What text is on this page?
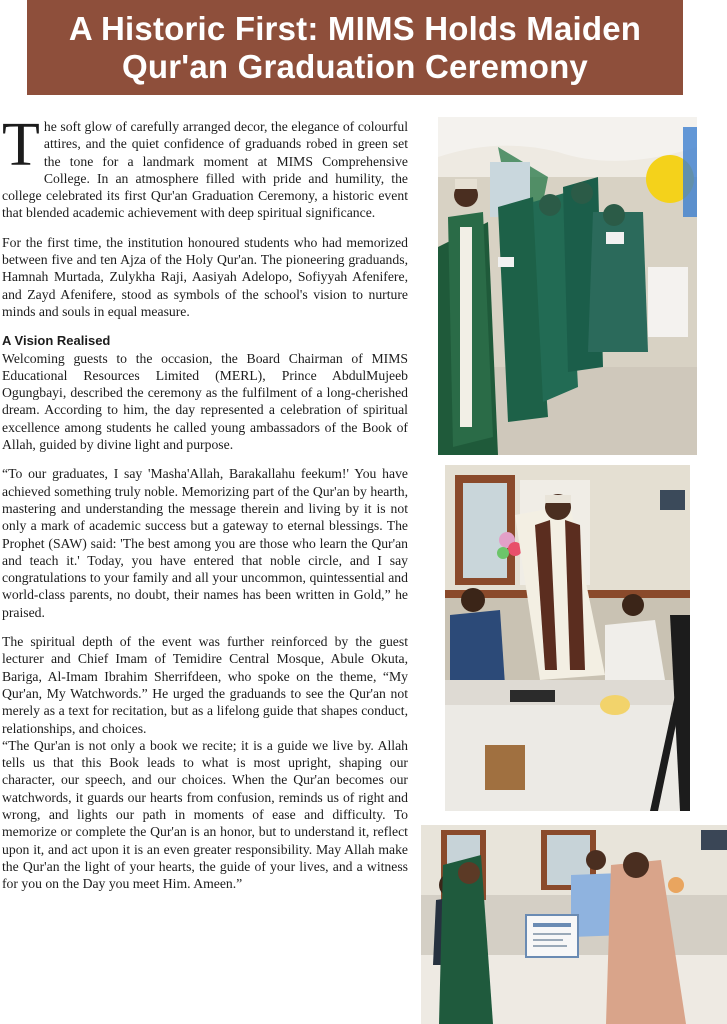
A Historic First: MIMS Holds Maiden
Qur'an Graduation Ceremony

The soft glow of carefully arranged decor, the elegance of colourful attires, and the quiet confidence of graduands robed in green set the tone for a landmark moment at MIMS Comprehensive College. In an atmosphere filled with pride and humility, the college celebrated its first Qur'an Graduation Ceremony, a historic event that blended academic achievement with deep spiritual significance.

For the first time, the institution honoured students who had memorized between five and ten Ajza of the Holy Qur'an. The pioneering graduands, Hamnah Murtada, Zulykha Raji, Aasiyah Adelopo, Sofiyyah Afenifere, and Zayd Afenifere, stood as symbols of the school's vision to nurture minds and souls in equal measure.

A Vision Realised

Welcoming guests to the occasion, the Board Chairman of MIMS Educational Resources Limited (MERL), Prince AbdulMujeeb Ogungbayi, described the ceremony as the fulfilment of a long-cherished dream. According to him, the day represented a celebration of spiritual excellence among students he called young ambassadors of the Book of Allah, guided by divine light and purpose.

“To our graduates, I say 'Masha'Allah, Barakallahu feekum!' You have achieved something truly noble. Memorizing part of the Qur'an by hearth, mastering and understanding the message therein and living by it is not only a mark of academic success but a gateway to eternal blessings. The Prophet (SAW) said: 'The best among you are those who learn the Qur'an and teach it.' Today, you have entered that noble circle, and I say congratulations to your family and all your uncommon, quintessential and world-class parents, no doubt, their names has been written in Gold,” he praised.

The spiritual depth of the event was further reinforced by the guest lecturer and Chief Imam of Temidire Central Mosque, Abule Okuta, Bariga, Al-Imam Ibrahim Sherrifdeen, who spoke on the theme, “My Qur'an, My Watchwords.” He urged the graduands to see the Qur'an not merely as a text for recitation, but as a lifelong guide that shapes conduct, relationships, and choices.

“The Qur'an is not only a book we recite; it is a guide we live by. Allah tells us that this Book leads to what is most upright, shaping our character, our speech, and our choices. When the Qur'an becomes our watchwords, it guards our hearts from confusion, reminds us of right and wrong, and lights our path in moments of ease and difficulty. To memorize or complete the Qur'an is an honor, but to understand it, reflect upon it, and act upon it is an even greater responsibility. May Allah make the Qur'an the light of your hearts, the guide of your lives, and a witness for you on the Day you meet Him. Ameen.”
